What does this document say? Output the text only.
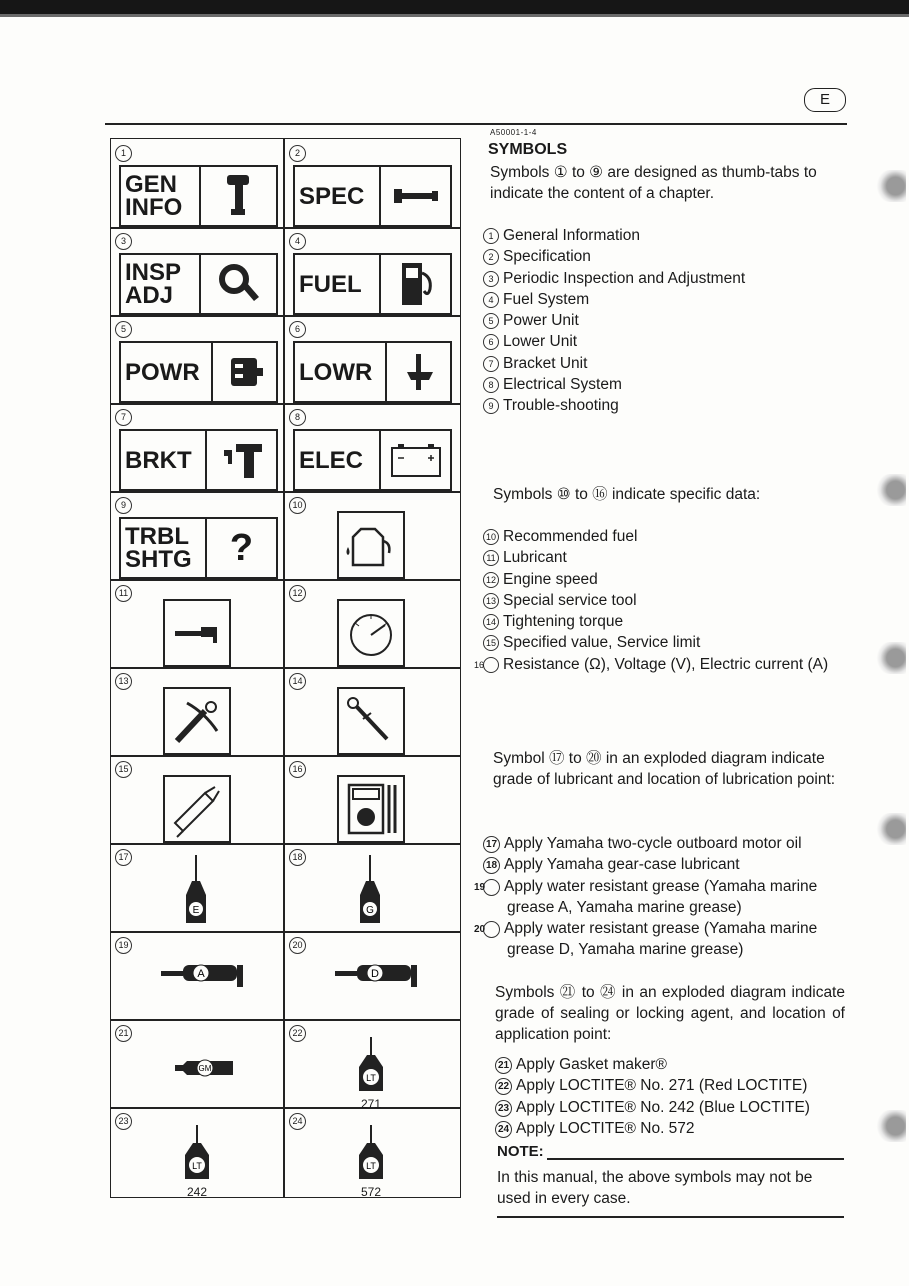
E
A50001-1-4
SYMBOLS

Symbols ① to ⑨ are designed as thumb-tabs to indicate the content of a chapter.

1 General Information
2 Specification
3 Periodic Inspection and Adjustment
4 Fuel System
5 Power Unit
6 Lower Unit
7 Bracket Unit
8 Electrical System
9 Trouble-shooting

Symbols ⑩ to ⑯ indicate specific data:

10 Recommended fuel
11 Lubricant
12 Engine speed
13 Special service tool
14 Tightening torque
15 Specified value, Service limit
16 Resistance (Ω), Voltage (V), Electric current (A)

Symbol ⑰ to ⑳ in an exploded diagram indicate grade of lubricant and location of lubrication point:

17 Apply Yamaha two-cycle outboard motor oil
18 Apply Yamaha gear-case lubricant
19 Apply water resistant grease (Yamaha marine grease A, Yamaha marine grease)
20 Apply water resistant grease (Yamaha marine grease D, Yamaha marine grease)

Symbols ㉑ to ㉔ in an exploded diagram indicate grade of sealing or locking agent, and location of application point:

21 Apply Gasket maker®
22 Apply LOCTITE® No. 271 (Red LOCTITE)
23 Apply LOCTITE® No. 242 (Blue LOCTITE)
24 Apply LOCTITE® No. 572
NOTE:

In this manual, the above symbols may not be used in every case.

1
GEN
INFO
2
SPEC
3
INSP
ADJ
4
FUEL
5
POWR
6
LOWR
7
BRKT
8
ELEC
9
TRBL
SHTG	?
10
11	12
13	14
15	16
17
E
18
G
19
A
20
D
21
GM
22
LT
271
23
LT
242
24
LT
572
